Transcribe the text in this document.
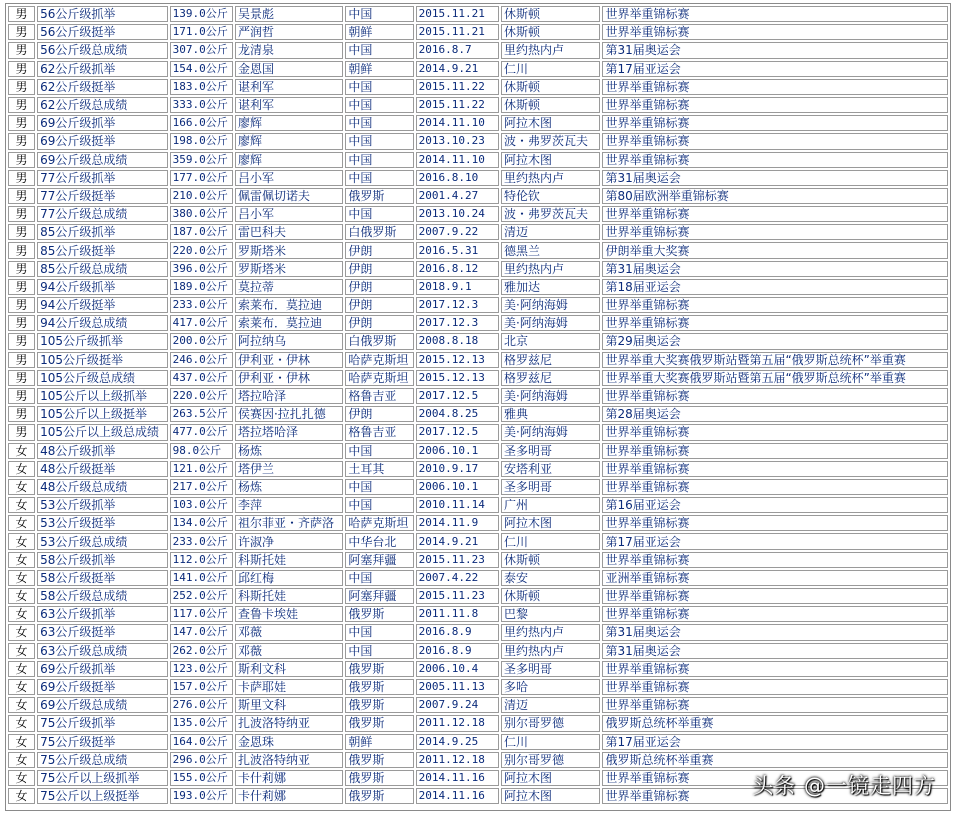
男	56公斤级抓举	139.0公斤	吴景彪	中国	2015.11.21	休斯顿	世界举重锦标赛
男	56公斤级挺举	171.0公斤	严润哲	朝鲜	2015.11.21	休斯顿	世界举重锦标赛
男	56公斤级总成绩	307.0公斤	龙清泉	中国	2016.8.7	里约热内卢	第31届奥运会
男	62公斤级抓举	154.0公斤	金恩国	朝鲜	2014.9.21	仁川	第17届亚运会
男	62公斤级挺举	183.0公斤	谌利军	中国	2015.11.22	休斯顿	世界举重锦标赛
男	62公斤级总成绩	333.0公斤	谌利军	中国	2015.11.22	休斯顿	世界举重锦标赛
男	69公斤级抓举	166.0公斤	廖辉	中国	2014.11.10	阿拉木图	世界举重锦标赛
男	69公斤级挺举	198.0公斤	廖辉	中国	2013.10.23	波・弗罗茨瓦夫	世界举重锦标赛
男	69公斤级总成绩	359.0公斤	廖辉	中国	2014.11.10	阿拉木图	世界举重锦标赛
男	77公斤级抓举	177.0公斤	吕小军	中国	2016.8.10	里约热内卢	第31届奥运会
男	77公斤级挺举	210.0公斤	佩雷佩切诺夫	俄罗斯	2001.4.27	特伦钦	第80届欧洲举重锦标赛
男	77公斤级总成绩	380.0公斤	吕小军	中国	2013.10.24	波・弗罗茨瓦夫	世界举重锦标赛
男	85公斤级抓举	187.0公斤	雷巴科夫	白俄罗斯	2007.9.22	清迈	世界举重锦标赛
男	85公斤级挺举	220.0公斤	罗斯塔米	伊朗	2016.5.31	德黑兰	伊朗举重大奖赛
男	85公斤级总成绩	396.0公斤	罗斯塔米	伊朗	2016.8.12	里约热内卢	第31届奥运会
男	94公斤级抓举	189.0公斤	莫拉蒂	伊朗	2018.9.1	雅加达	第18届亚运会
男	94公斤级挺举	233.0公斤	索莱布．莫拉迪	伊朗	2017.12.3	美·阿纳海姆	世界举重锦标赛
男	94公斤级总成绩	417.0公斤	索莱布．莫拉迪	伊朗	2017.12.3	美·阿纳海姆	世界举重锦标赛
男	105公斤级抓举	200.0公斤	阿拉纳乌	白俄罗斯	2008.8.18	北京	第29届奥运会
男	105公斤级挺举	246.0公斤	伊利亚・伊林	哈萨克斯坦	2015.12.13	格罗兹尼	世界举重大奖赛俄罗斯站暨第五届“俄罗斯总统杯”举重赛
男	105公斤级总成绩	437.0公斤	伊利亚・伊林	哈萨克斯坦	2015.12.13	格罗兹尼	世界举重大奖赛俄罗斯站暨第五届“俄罗斯总统杯”举重赛
男	105公斤以上级抓举	220.0公斤	塔拉哈泽	格鲁吉亚	2017.12.5	美·阿纳海姆	世界举重锦标赛
男	105公斤以上级挺举	263.5公斤	侯赛因·拉扎扎德	伊朗	2004.8.25	雅典	第28届奥运会
男	105公斤以上级总成绩	477.0公斤	塔拉塔哈泽	格鲁吉亚	2017.12.5	美·阿纳海姆	世界举重锦标赛
女	48公斤级抓举	98.0公斤	杨炼	中国	2006.10.1	圣多明哥	世界举重锦标赛
女	48公斤级挺举	121.0公斤	塔伊兰	土耳其	2010.9.17	安塔利亚	世界举重锦标赛
女	48公斤级总成绩	217.0公斤	杨炼	中国	2006.10.1	圣多明哥	世界举重锦标赛
女	53公斤级抓举	103.0公斤	李萍	中国	2010.11.14	广州	第16届亚运会
女	53公斤级挺举	134.0公斤	祖尔菲亚・齐萨洛	哈萨克斯坦	2014.11.9	阿拉木图	世界举重锦标赛
女	53公斤级总成绩	233.0公斤	许淑净	中华台北	2014.9.21	仁川	第17届亚运会
女	58公斤级抓举	112.0公斤	科斯托娃	阿塞拜疆	2015.11.23	休斯顿	世界举重锦标赛
女	58公斤级挺举	141.0公斤	邱红梅	中国	2007.4.22	泰安	亚洲举重锦标赛
女	58公斤级总成绩	252.0公斤	科斯托娃	阿塞拜疆	2015.11.23	休斯顿	世界举重锦标赛
女	63公斤级抓举	117.0公斤	查鲁卡埃娃	俄罗斯	2011.11.8	巴黎	世界举重锦标赛
女	63公斤级挺举	147.0公斤	邓薇	中国	2016.8.9	里约热内卢	第31届奥运会
女	63公斤级总成绩	262.0公斤	邓薇	中国	2016.8.9	里约热内卢	第31届奥运会
女	69公斤级抓举	123.0公斤	斯利文科	俄罗斯	2006.10.4	圣多明哥	世界举重锦标赛
女	69公斤级挺举	157.0公斤	卡萨耶娃	俄罗斯	2005.11.13	多哈	世界举重锦标赛
女	69公斤级总成绩	276.0公斤	斯里文科	俄罗斯	2007.9.24	清迈	世界举重锦标赛
女	75公斤级抓举	135.0公斤	扎波洛特纳亚	俄罗斯	2011.12.18	别尔哥罗德	俄罗斯总统杯举重赛
女	75公斤级挺举	164.0公斤	金恩珠	朝鲜	2014.9.25	仁川	第17届亚运会
女	75公斤级总成绩	296.0公斤	扎波洛特纳亚	俄罗斯	2011.12.18	别尔哥罗德	俄罗斯总统杯举重赛
女	75公斤以上级抓举	155.0公斤	卡什莉娜	俄罗斯	2014.11.16	阿拉木图	世界举重锦标赛
女	75公斤以上级挺举	193.0公斤	卡什莉娜	俄罗斯	2014.11.16	阿拉木图	世界举重锦标赛	头条 @一镜走四方
